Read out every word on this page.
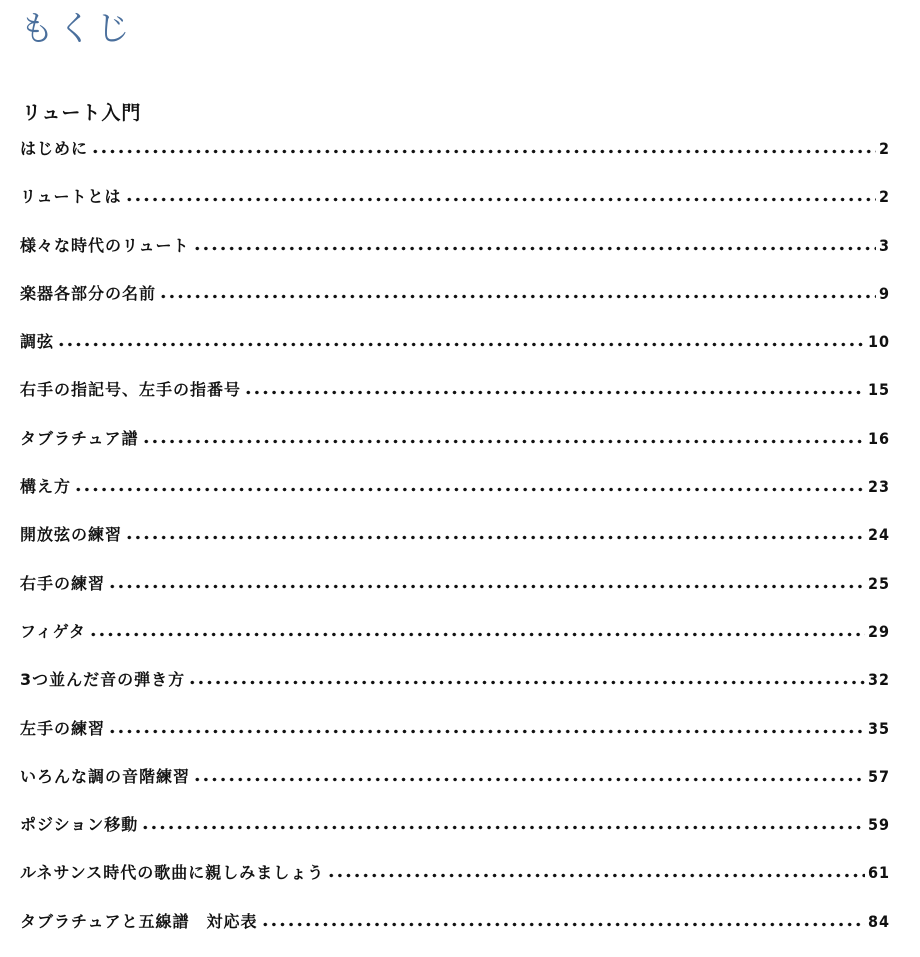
もくじ
リュート入門
はじめに	2
リュートとは	2
様々な時代のリュート	3
楽器各部分の名前	9
調弦	10
右手の指記号、左手の指番号	15
タブラチュア譜	16
構え方	23
開放弦の練習	24
右手の練習	25
フィゲタ	29
3つ並んだ音の弾き方	32
左手の練習	35
いろんな調の音階練習	57
ポジション移動	59
ルネサンス時代の歌曲に親しみましょう	61
タブラチュアと五線譜　対応表	84
